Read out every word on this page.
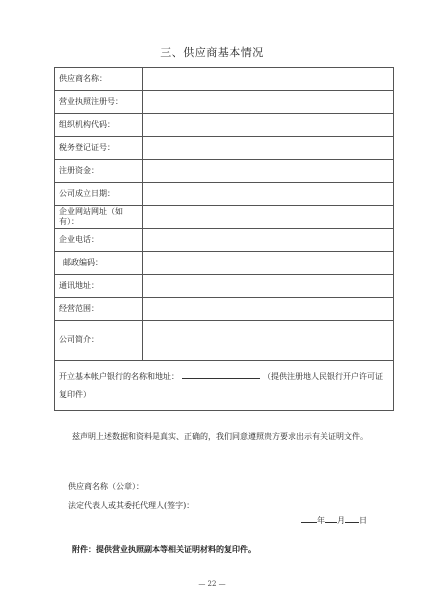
三、供应商基本情况
供应商名称：	
营业执照注册号：	
组织机构代码：	
税务登记证号：	
注册资金：	
公司成立日期：	
企业网站网址（如有）：	
企业电话：	
邮政编码：	
通讯地址：	
经营范围：	
公司简介：	
开立基本帐户银行的名称和地址： （提供注册地人民银行开户许可证复印件）	
兹声明上述数据和资料是真实、正确的，我们同意遵照贵方要求出示有关证明文件。
供应商名称（公章）：
法定代表人或其委托代理人(签字)：
年 月 日
附件：提供营业执照副本等相关证明材料的复印件。
— 22 —
